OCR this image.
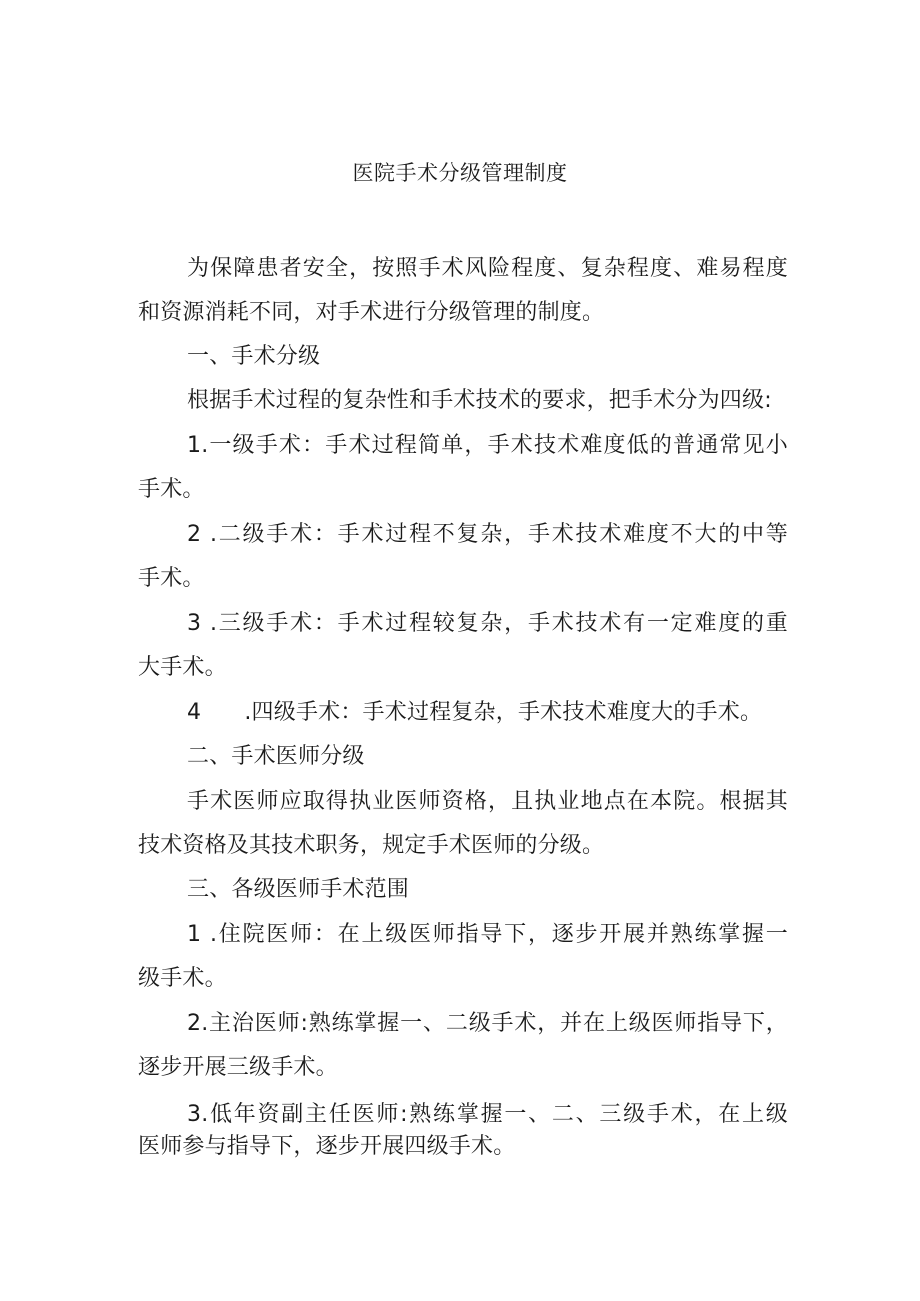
医院手术分级管理制度
为保障患者安全，按照手术风险程度、复杂程度、难易程度
和资源消耗不同，对手术进行分级管理的制度。
一、手术分级
根据手术过程的复杂性和手术技术的要求，把手术分为四级:
1.一级手术：手术过程简单，手术技术难度低的普通常见小
手术。
2 .二级手术：手术过程不复杂，手术技术难度不大的中等
手术。
3 .三级手术：手术过程较复杂，手术技术有一定难度的重
大手术。
4      .四级手术：手术过程复杂，手术技术难度大的手术。
二、手术医师分级
手术医师应取得执业医师资格，且执业地点在本院。根据其
技术资格及其技术职务，规定手术医师的分级。
三、各级医师手术范围
1 .住院医师：在上级医师指导下，逐步开展并熟练掌握一
级手术。
2.主治医师:熟练掌握一、二级手术，并在上级医师指导下，
逐步开展三级手术。
3.低年资副主任医师:熟练掌握一、二、三级手术，在上级
医师参与指导下，逐步开展四级手术。
